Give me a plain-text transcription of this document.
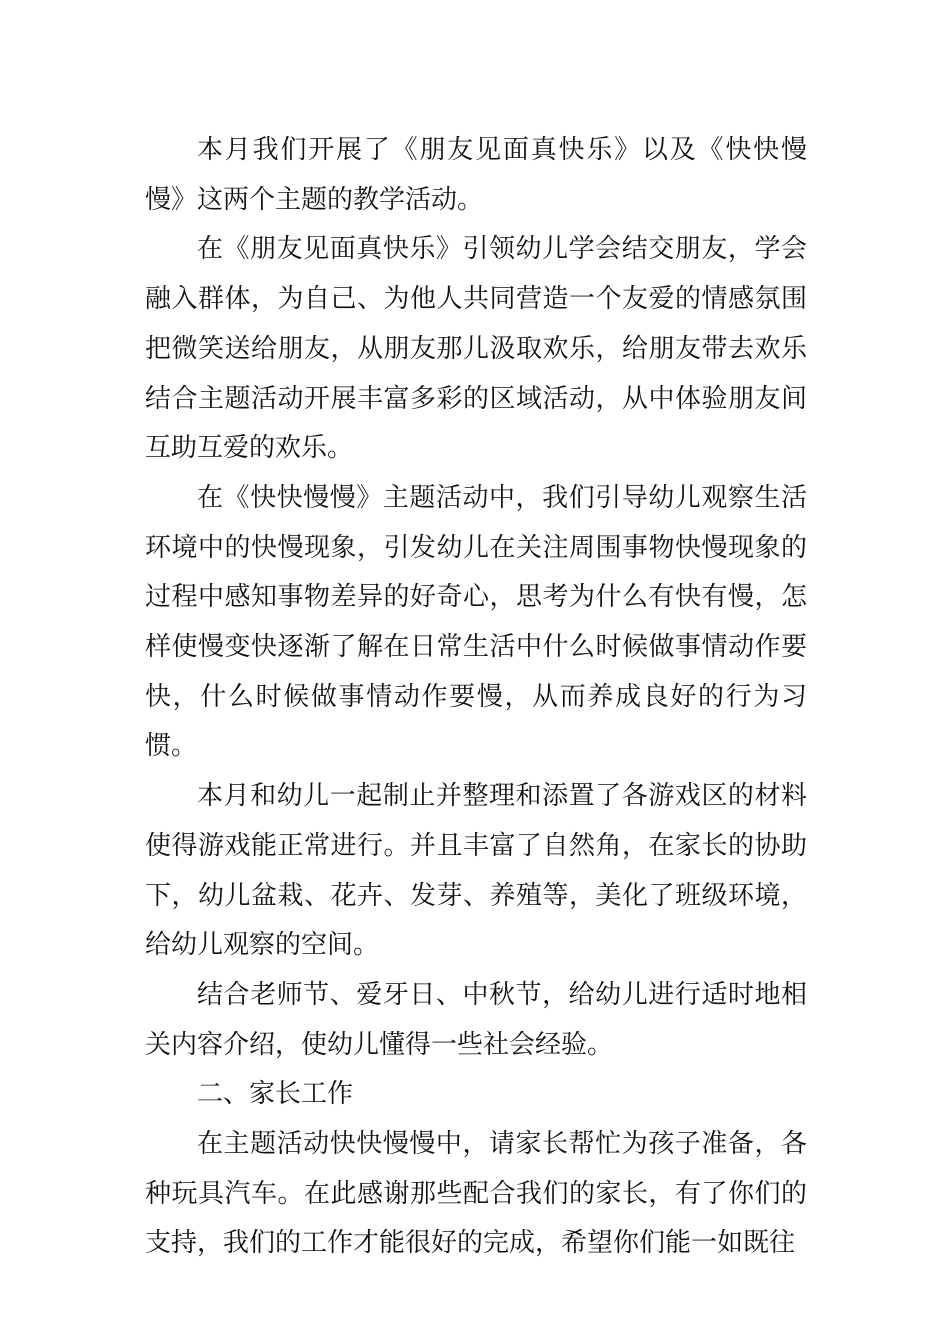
本月我们开展了《朋友见面真快乐》以及《快快慢慢》这两个主题的教学活动。

在《朋友见面真快乐》引领幼儿学会结交朋友，学会融入群体，为自己、为他人共同营造一个友爱的情感氛围把微笑送给朋友，从朋友那儿汲取欢乐，给朋友带去欢乐结合主题活动开展丰富多彩的区域活动，从中体验朋友间互助互爱的欢乐。

在《快快慢慢》主题活动中，我们引导幼儿观察生活环境中的快慢现象，引发幼儿在关注周围事物快慢现象的过程中感知事物差异的好奇心，思考为什么有快有慢，怎样使慢变快逐渐了解在日常生活中什么时候做事情动作要快，什么时候做事情动作要慢，从而养成良好的行为习惯。

本月和幼儿一起制止并整理和添置了各游戏区的材料使得游戏能正常进行。并且丰富了自然角，在家长的协助下，幼儿盆栽、花卉、发芽、养殖等，美化了班级环境，给幼儿观察的空间。

结合老师节、爱牙日、中秋节，给幼儿进行适时地相关内容介绍，使幼儿懂得一些社会经验。

二、家长工作

在主题活动快快慢慢中，请家长帮忙为孩子准备，各种玩具汽车。在此感谢那些配合我们的家长，有了你们的支持，我们的工作才能很好的完成，希望你们能一如既往
